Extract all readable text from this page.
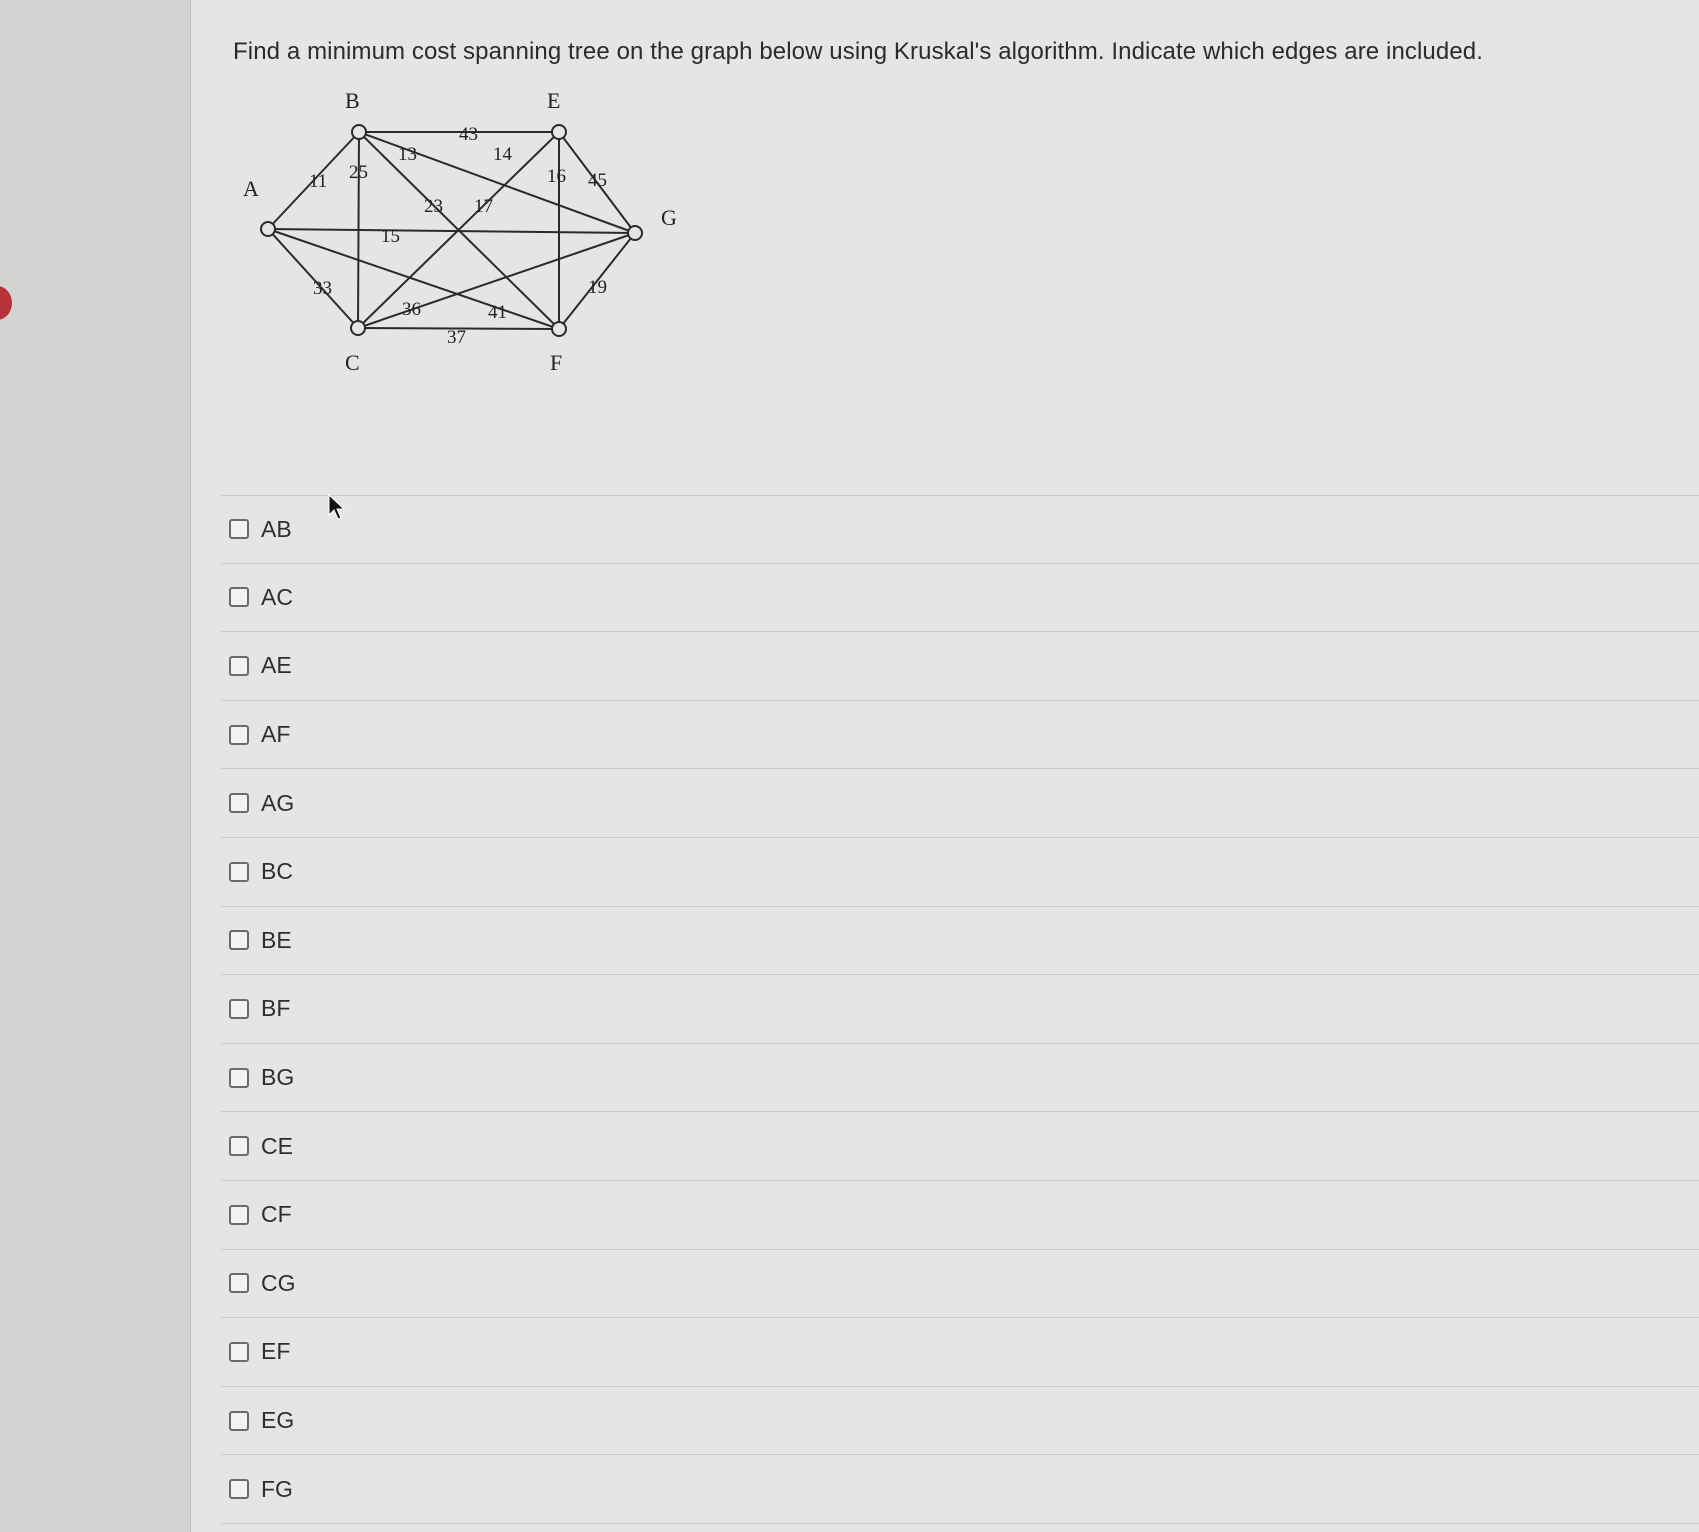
Find a minimum cost spanning tree on the graph below using Kruskal's algorithm. Indicate which edges are included.
A
B
C
E
F
G
11 25
13
43
14
16 45
23 17
15
33	19
36	41
37
AB
AC
AE
AF
AG
BC
BE
BF
BG
CE
CF
CG
EF
EG
FG
